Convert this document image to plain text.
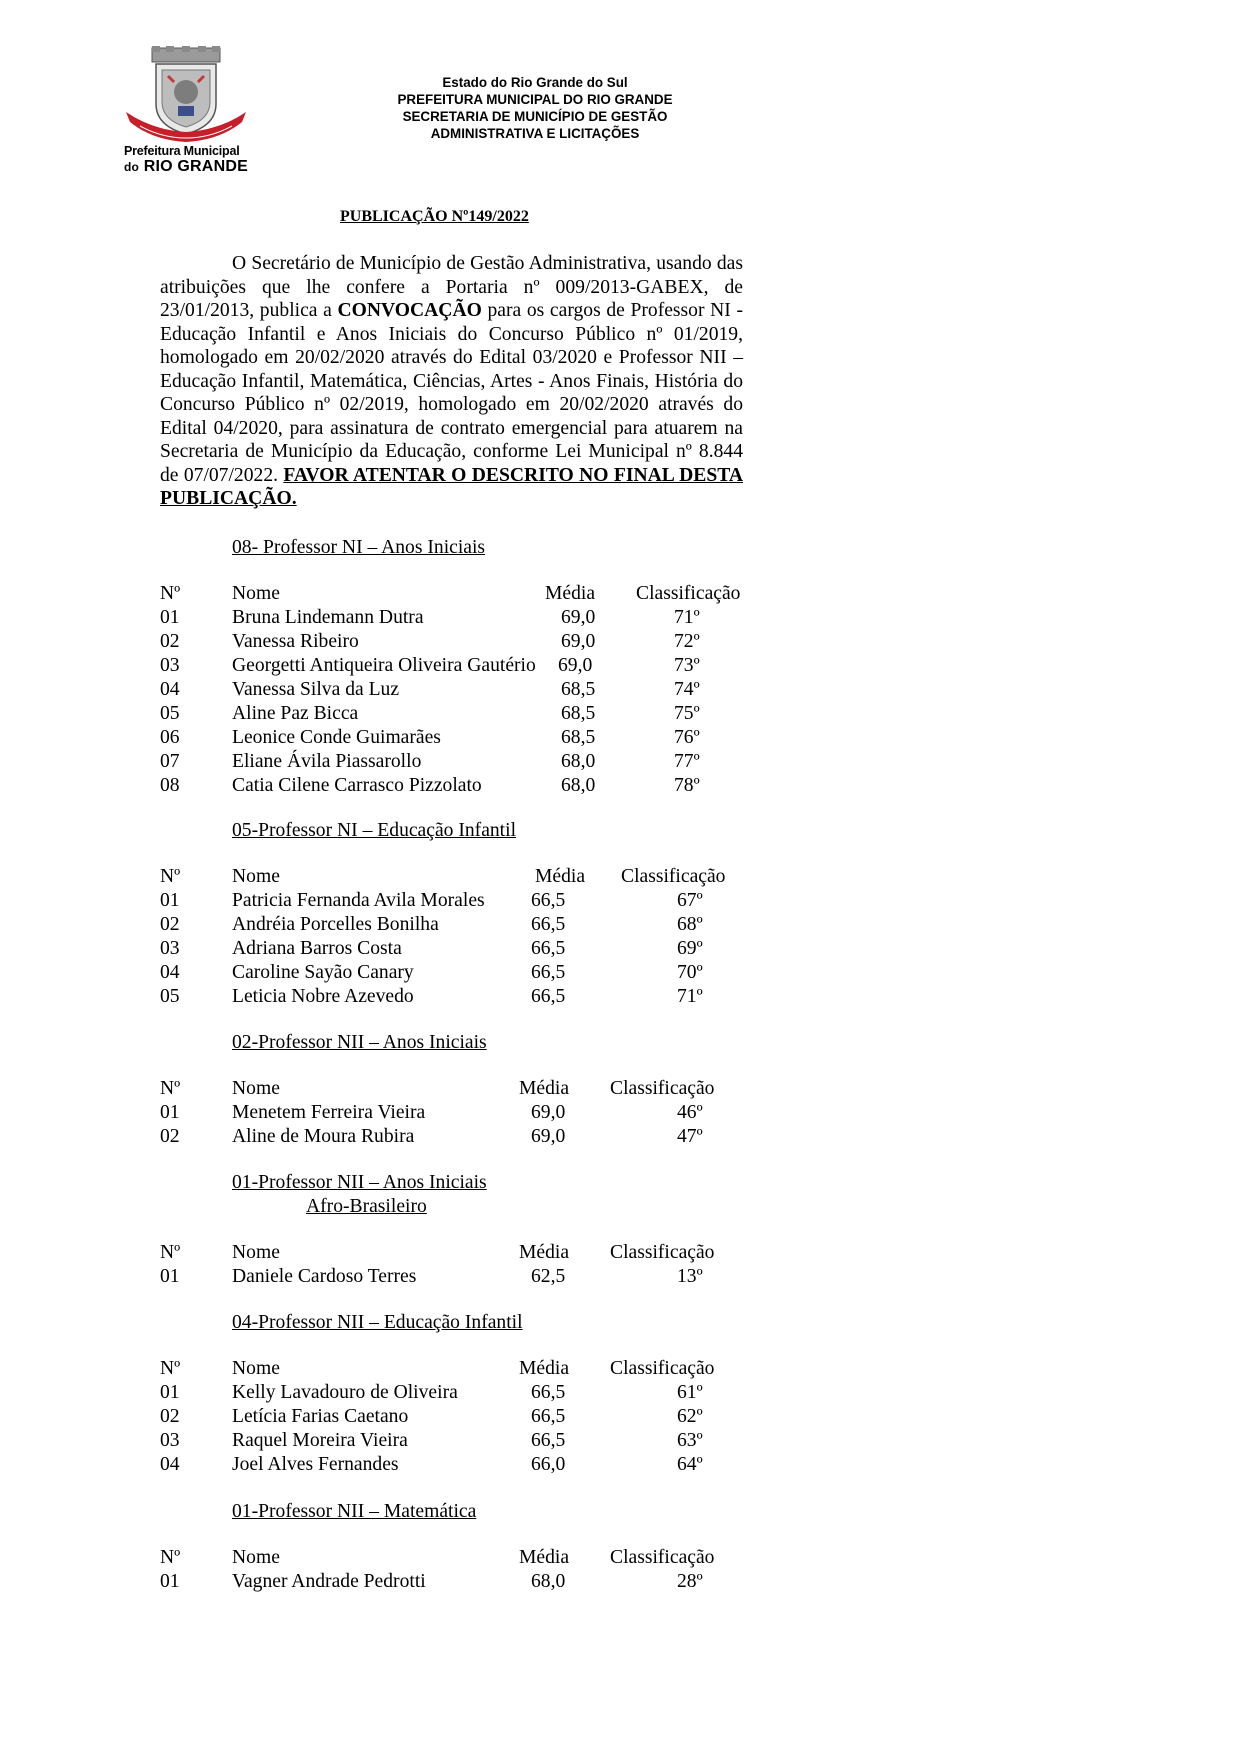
Prefeitura Municipal
do RIO GRANDE
Estado do Rio Grande do Sul
PREFEITURA MUNICIPAL DO RIO GRANDE
SECRETARIA DE MUNICÍPIO DE GESTÃO
ADMINISTRATIVA E LICITAÇÕES
PUBLICAÇÃO Nº149/2022
O Secretário de Município de Gestão Administrativa, usando das atribuições que lhe confere a Portaria nº 009/2013-GABEX, de 23/01/2013, publica a CONVOCAÇÃO para os cargos de Professor NI - Educação Infantil e Anos Iniciais do Concurso Público nº 01/2019, homologado em 20/02/2020 através do Edital 03/2020 e Professor NII – Educação Infantil, Matemática, Ciências, Artes - Anos Finais, História do Concurso Público nº 02/2019, homologado em 20/02/2020 através do Edital 04/2020, para assinatura de contrato emergencial para atuarem na Secretaria de Município da Educação, conforme Lei Municipal nº 8.844 de 07/07/2022. FAVOR ATENTAR O DESCRITO NO FINAL DESTA PUBLICAÇÃO.
08- Professor NI – Anos Iniciais
Nº	Nome	Média Classificação
01	Bruna Lindemann Dutra	69,0	71º
02	Vanessa Ribeiro	69,0	72º
03	Georgetti Antiqueira Oliveira Gautério 69,0	73º
04	Vanessa Silva da Luz	68,5	74º
05	Aline Paz Bicca	68,5	75º
06	Leonice Conde Guimarães	68,5	76º
07	Eliane Ávila Piassarollo	68,0	77º
08	Catia Cilene Carrasco Pizzolato	68,0	78º
05-Professor NI – Educação Infantil
Nº	Nome	Média Classificação
01	Patricia Fernanda Avila Morales 66,5	67º
02	Andréia Porcelles Bonilha	66,5	68º
03	Adriana Barros Costa	66,5	69º
04	Caroline Sayão Canary	66,5	70º
05	Leticia Nobre Azevedo	66,5	71º
02-Professor NII – Anos Iniciais
Nº	Nome	Média Classificação
01	Menetem Ferreira Vieira	69,0	46º
02	Aline de Moura Rubira	69,0	47º
01-Professor NII – Anos Iniciais
Afro-Brasileiro
Nº	Nome	Média Classificação
01	Daniele Cardoso Terres	62,5	13º
04-Professor NII – Educação Infantil
Nº	Nome	Média Classificação
01	Kelly Lavadouro de Oliveira	66,5	61º
02	Letícia Farias Caetano	66,5	62º
03	Raquel Moreira Vieira	66,5	63º
04	Joel Alves Fernandes	66,0	64º
01-Professor NII – Matemática
Nº	Nome	Média Classificação
01	Vagner Andrade Pedrotti	68,0	28º
